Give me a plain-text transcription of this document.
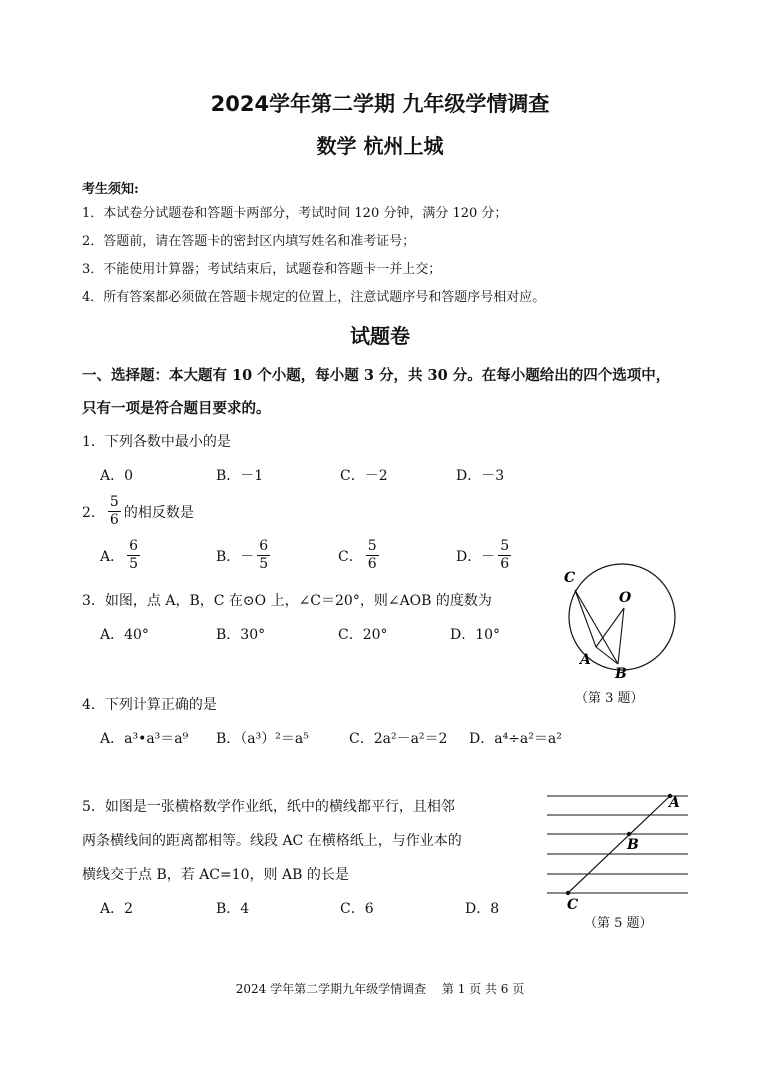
2024学年第二学期 九年级学情调查
数学 杭州上城
考生须知:
1．本试卷分试题卷和答题卡两部分，考试时间 120 分钟，满分 120 分；
2．答题前，请在答题卡的密封区内填写姓名和准考证号；
3．不能使用计算器；考试结束后，试题卷和答题卡一并上交；
4．所有答案都必须做在答题卡规定的位置上，注意试题序号和答题序号相对应。
试题卷
一、选择题：本大题有 10 个小题，每小题 3 分，共 30 分。在每小题给出的四个选项中，
只有一项是符合题目要求的。
1．下列各数中最小的是
A．0	B．－1	C．－2	D．－3
2． $\frac{5}{6}$ 的相反数是
A． $\frac{6}{5}$	B． － $\frac{6}{5}$	C． $\frac{5}{6}$	D． － $\frac{5}{6}$
3．如图，点 A，B，C 在⊙O 上，∠C＝20°，则∠AOB 的度数为
A．40°	B．30°	C．20°	D．10°
C
O
A
B
（第 3 题）
4．下列计算正确的是
A．a³•a³＝a⁹ B．（a³）²＝a⁵	C．2a²－a²＝2 D．a⁴÷a²＝a²
5．如图是一张横格数学作业纸，纸中的横线都平行，且相邻
两条横线间的距离都相等。线段 AC 在横格纸上，与作业本的
横线交于点 B，若 AC=10，则 AB 的长是
A．2	B．4	C．6	D．8
A
B
C
（第 5 题）
2024 学年第二学期九年级学情调查　 第 1 页 共 6 页
